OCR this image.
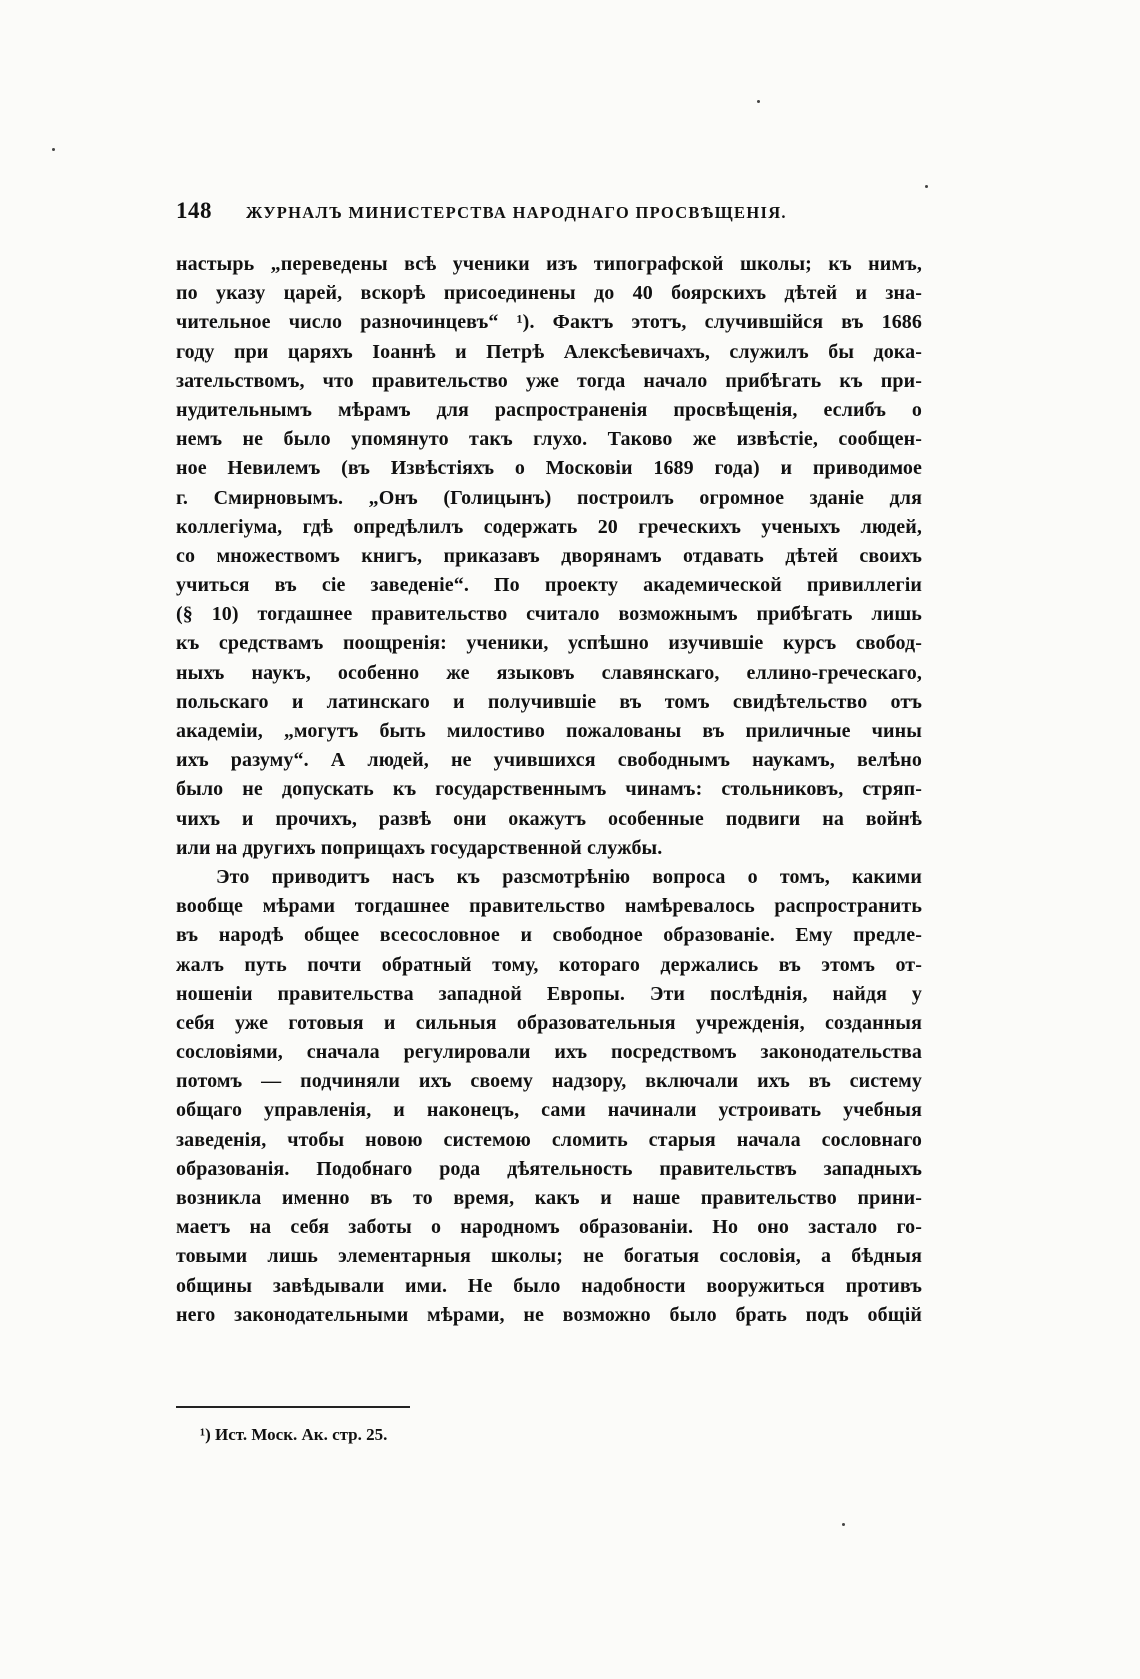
148 ЖУРНАЛЪ МИНИСТЕРСТВА НАРОДНАГО ПРОСВѢЩЕНІЯ.
настырь „переведены всѣ ученики изъ типографской школы; къ нимъ,
по указу царей, вскорѣ присоединены до 40 боярскихъ дѣтей и зна-
чительное число разночинцевъ“ ¹). Фактъ этотъ, случившійся въ 1686
году при царяхъ Іоаннѣ и Петрѣ Алексѣевичахъ, служилъ бы дока-
зательствомъ, что правительство уже тогда начало прибѣгать къ при-
нудительнымъ мѣрамъ для распространенія просвѣщенія, еслибъ о
немъ не было упомянуто такъ глухо. Таково же извѣстіе, сообщен-
ное Невилемъ (въ Извѣстіяхъ о Московіи 1689 года) и приводимое
г. Смирновымъ. „Онъ (Голицынъ) построилъ огромное зданіе для
коллегіума, гдѣ опредѣлилъ содержать 20 греческихъ ученыхъ людей,
со множествомъ книгъ, приказавъ дворянамъ отдавать дѣтей своихъ
учиться въ сіе заведеніе“. По проекту академической привиллегіи
(§ 10) тогдашнее правительство считало возможнымъ прибѣгать лишь
къ средствамъ поощренія: ученики, успѣшно изучившіе курсъ свобод-
ныхъ наукъ, особенно же языковъ славянскаго, еллино-греческаго,
польскаго и латинскаго и получившіе въ томъ свидѣтельство отъ
академіи, „могутъ быть милостиво пожалованы въ приличные чины
ихъ разуму“. А людей, не учившихся свободнымъ наукамъ, велѣно
было не допускать къ государственнымъ чинамъ: стольниковъ, стряп-
чихъ и прочихъ, развѣ они окажутъ особенные подвиги на войнѣ
или на другихъ поприщахъ государственной службы.
Это приводитъ насъ къ разсмотрѣнію вопроса о томъ, какими
вообще мѣрами тогдашнее правительство намѣревалось распространить
въ народѣ общее всесословное и свободное образованіе. Ему предле-
жалъ путь почти обратный тому, котораго держались въ этомъ от-
ношеніи правительства западной Европы. Эти послѣднія, найдя у
себя уже готовыя и сильныя образовательныя учрежденія, созданныя
сословіями, сначала регулировали ихъ посредствомъ законодательства
потомъ — подчиняли ихъ своему надзору, включали ихъ въ систему
общаго управленія, и наконецъ, сами начинали устроивать учебныя
заведенія, чтобы новою системою сломить старыя начала сословнаго
образованія. Подобнаго рода дѣятельность правительствъ западныхъ
возникла именно въ то время, какъ и наше правительство прини-
маетъ на себя заботы о народномъ образованіи. Но оно застало го-
товыми лишь элементарныя школы; не богатыя сословія, а бѣдныя
общины завѣдывали ими. Не было надобности вооружиться противъ
него законодательными мѣрами, не возможно было брать подъ общій
¹) Ист. Моск. Ак. стр. 25.
